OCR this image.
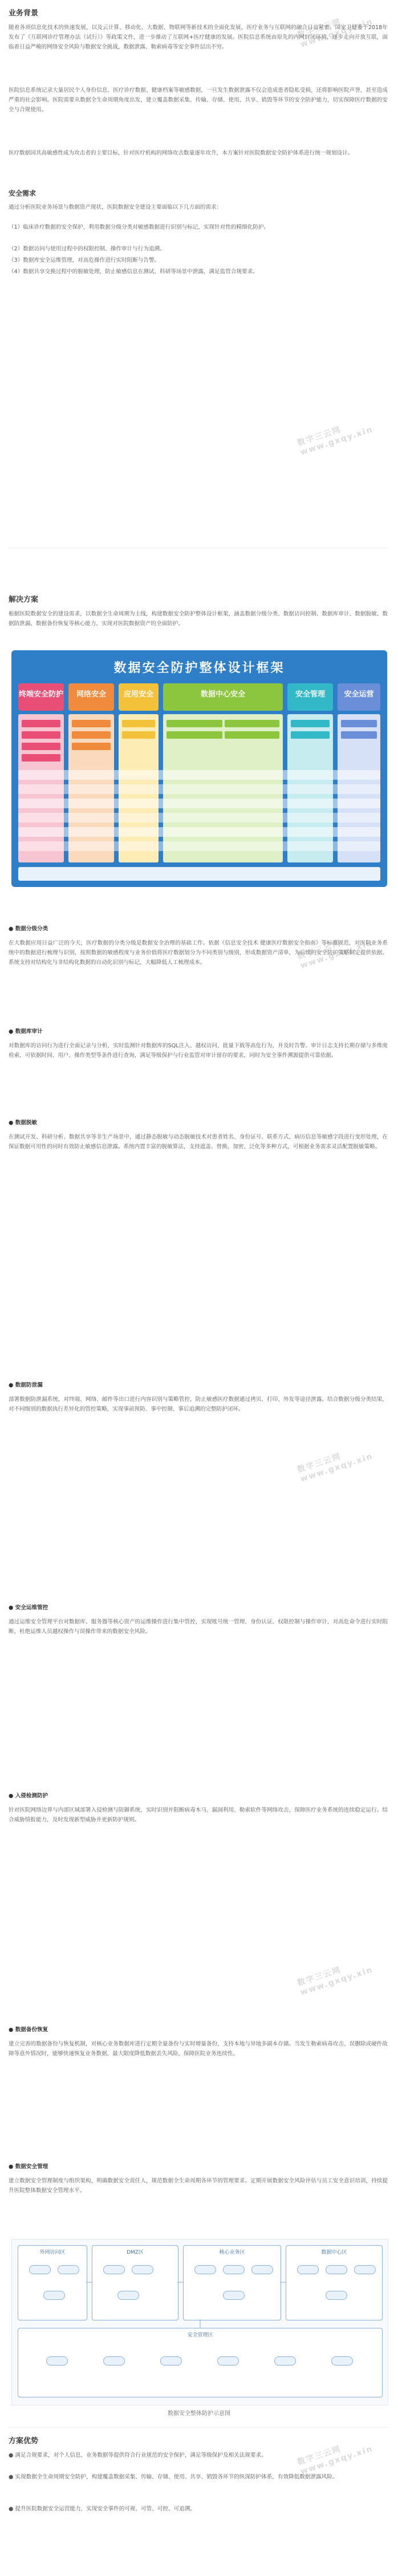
数字三云网 www.gxqy.xin
数字三云网 www.gxqy.xin
数字三云网 www.gxqy.xin
数字三云网 www.gxqy.xin
数字三云网 www.gxqy.xin
数字三云网 www.gxqy.xin
业务背景
随着各项信息化技术的快速发展，以及云计算、移动化、大数据、物联网等新技术的全面化发展，医疗业务与互联网的融合日益紧密。国家卫健委于2018年发布了《互联网诊疗管理办法（试行）》等政策文件，进一步推动了互联网+医疗健康的发展。医院信息系统由原先的内网封闭环境，逐步走向开放互联，面临着日益严峻的网络安全风险与数据安全挑战，数据泄露、勒索病毒等安全事件层出不穷。
医院信息系统记录大量居民个人身份信息、医疗诊疗数据、健康档案等敏感数据，一旦发生数据泄露不仅会造成患者隐私受损，还将影响医院声誉，甚至造成严重的社会影响。医院需要从数据全生命周期角度出发，建立覆盖数据采集、传输、存储、使用、共享、销毁等环节的安全防护能力，切实保障医疗数据的安全与合规使用。
医疗数据因其高敏感性成为攻击者的主要目标，针对医疗机构的网络攻击数量逐年攻升，本方案针对医院数据安全防护体系进行统一规划设计。
安全需求
通过分析医院业务场景与数据资产现状，医院数据安全建设主要面临以下几方面的需求：
（1）临床诊疗数据的安全保护，利用数据分级分类对敏感数据进行识别与标记，实现针对性的精细化防护。
（2）数据访问与使用过程中的权限控制、操作审计与行为追溯。
（3）数据库安全运维管理，对高危操作进行实时阻断与告警。
（4）数据共享交换过程中的脱敏处理，防止敏感信息在测试、科研等场景中泄露，满足监管合规要求。
解决方案
根据医院数据安全的建设需求，以数据全生命周期为主线，构建数据安全防护整体设计框架，涵盖数据分级分类、数据访问控制、数据库审计、数据脱敏、数据防泄漏、数据备份恢复等核心能力，实现对医院数据资产的全面防护。
数据安全防护整体设计框架
终端安全防护	网络安全	应用安全	数据中心安全	安全管理	安全运营
● 数据分级分类
在大数据应用日益广泛的今天，医疗数据的分类分级是数据安全治理的基础工作。依据《信息安全技术 健康医疗数据安全指南》等标准规范，对医院业务系统中的数据进行梳理与识别，按照数据的敏感程度与业务价值将医疗数据划分为不同类别与级别，形成数据资产清单，为后续的安全防护策略制定提供依据。系统支持对结构化与非结构化数据的自动化识别与标记，大幅降低人工梳理成本。
● 数据库审计
对数据库的访问行为进行全面记录与分析，实时监测针对数据库的SQL注入、越权访问、批量下载等高危行为，并及时告警。审计日志支持长期存储与多维度检索，可依据时间、用户、操作类型等条件进行查询，满足等级保护与行业监管对审计留存的要求，同时为安全事件溯源提供可靠依据。
● 数据脱敏
在测试开发、科研分析、数据共享等非生产场景中，通过静态脱敏与动态脱敏技术对患者姓名、身份证号、联系方式、病历信息等敏感字段进行变形处理，在保证数据可用性的同时有效防止敏感信息泄露。系统内置丰富的脱敏算法，支持遮盖、替换、加密、泛化等多种方式，可根据业务需求灵活配置脱敏策略。
● 数据防泄漏
部署数据防泄漏系统，对终端、网络、邮件等出口进行内容识别与策略管控，防止敏感医疗数据通过拷贝、打印、外发等途径泄露。结合数据分级分类结果，对不同级别的数据执行差异化的管控策略，实现事前预防、事中控制、事后追溯的完整防护闭环。
● 安全运维管控
通过运维安全管理平台对数据库、服务器等核心资产的运维操作进行集中管控，实现账号统一管理、身份认证、权限控制与操作审计，对高危命令进行实时阻断，杜绝运维人员越权操作与误操作带来的数据安全风险。
● 入侵检测防护
针对医院网络边界与内部区域部署入侵检测与防御系统，实时识别并阻断病毒木马、漏洞利用、勒索软件等网络攻击，保障医疗业务系统的连续稳定运行。结合威胁情报能力，及时发现新型威胁并更新防护规则。
● 数据备份恢复
建立完善的数据备份与恢复机制，对核心业务数据库进行定期全量备份与实时增量备份，支持本地与异地多副本存储。当发生勒索病毒攻击、误删除或硬件故障等意外情况时，能够快速恢复业务数据，最大限度降低数据丢失风险，保障医院业务连续性。
● 数据安全管理
建立数据安全管理制度与组织架构，明确数据安全责任人，规范数据全生命周期各环节的管理要求。定期开展数据安全风险评估与员工安全意识培训，持续提升医院整体数据安全管理水平。
外网访问区	DMZ区	核心业务区	数据中心区
安全管理区
数据安全整体防护示意图
方案优势
● 满足合规要求，对个人信息、业务数据等提供符合行业规范的安全保护，满足等级保护及相关法规要求。
● 实现数据全生命周期安全防护，构建覆盖数据采集、传输、存储、使用、共享、销毁各环节的纵深防护体系，有效降低数据泄露风险。
● 提升医院数据安全运营能力，实现安全事件的可视、可管、可控、可追溯。
